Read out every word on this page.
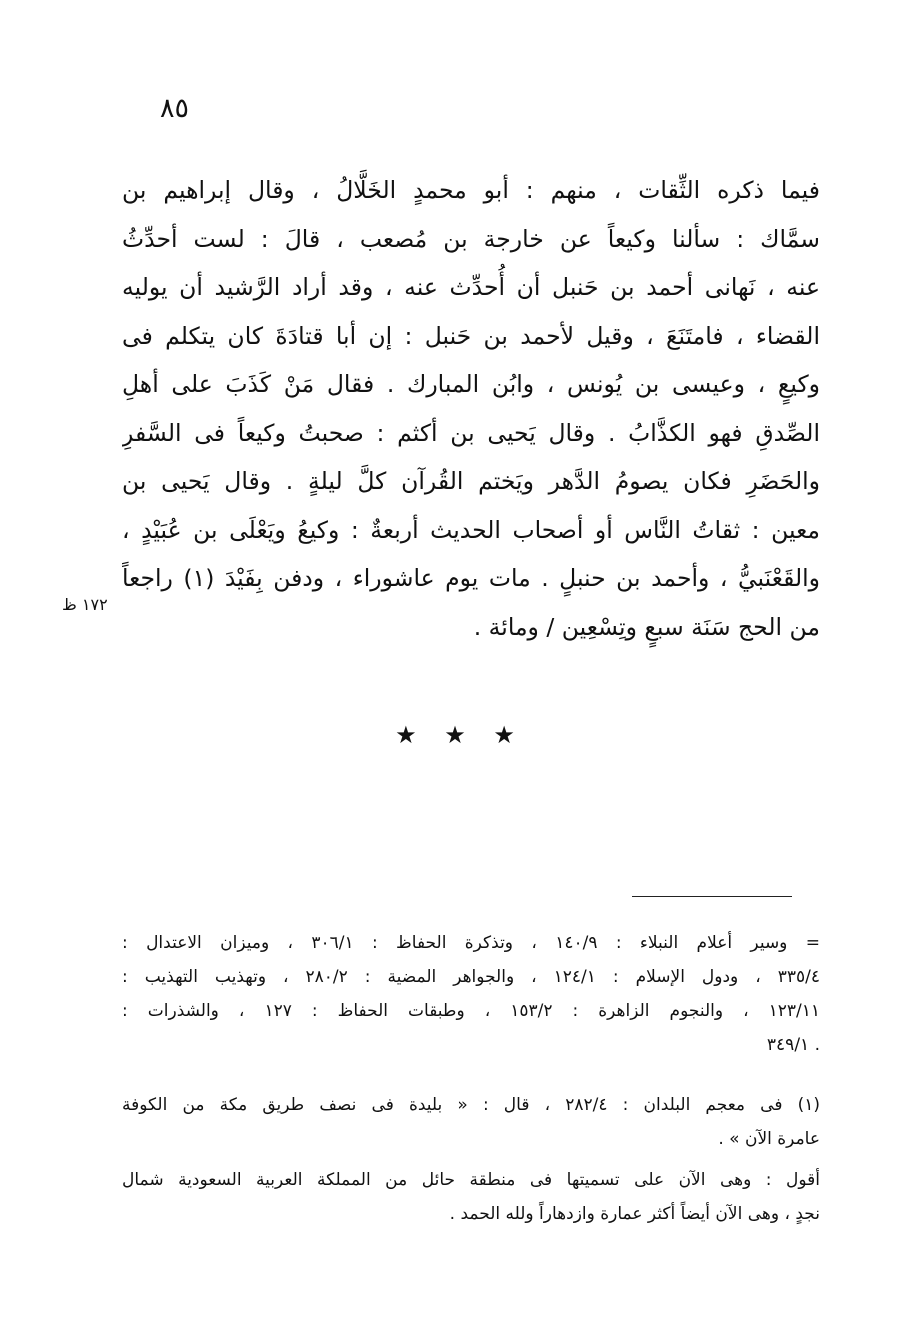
٨٥
فيما ذكره الثِّقات ، منهم : أبو محمدٍ الخَلَّالُ ، وقال إبراهيم بن
سمَّاك : سألنا وكيعاً عن خارجة بن مُصعب ، قالَ : لست أحدِّثُ
عنه ، نَهانى أحمد بن حَنبل أن أُحدِّث عنه ، وقد أراد الرَّشيد أن يوليه
القضاء ، فامتَنَعَ ، وقيل لأحمد بن حَنبل : إن أبا قتادَةَ كان يتكلم فى
وكيعٍ ، وعيسى بن يُونس ، وابُن المبارك . فقال مَنْ كَذَبَ على أهلِ
الصِّدقِ فهو الكذَّابُ . وقال يَحيى بن أكثم : صحبتُ وكيعاً فى السَّفرِ
والحَضَرِ فكان يصومُ الدَّهر ويَختم القُرآن كلَّ ليلةٍ . وقال يَحيى بن
معين : ثقاتُ النَّاس أو أصحاب الحديث أربعةٌ : وكيعُ ويَعْلَى بن عُبَيْدٍ ،
والقَعْنَبيُّ ، وأحمد بن حنبلٍ . مات يوم عاشوراء ، ودفن بِفَيْدَ (١) راجعاً
من الحج سَنَة سبعٍ وتِسْعِين / ومائة .
١٧٢ ظ
★ ★ ★
= وسير أعلام النبلاء : ١٤٠/٩ ، وتذكرة الحفاظ : ٣٠٦/١ ، وميزان الاعتدال :
٣٣٥/٤ ، ودول الإسلام : ١٢٤/١ ، والجواهر المضية : ٢٨٠/٢ ، وتهذيب التهذيب :
١٢٣/١١ ، والنجوم الزاهرة : ١٥٣/٢ ، وطبقات الحفاظ : ١٢٧ ، والشذرات :
. ٣٤٩/١
(١) فى معجم البلدان : ٢٨٢/٤ ، قال : « بليدة فى نصف طريق مكة من الكوفة
عامرة الآن » .
أقول : وهى الآن على تسميتها فى منطقة حائل من المملكة العربية السعودية شمال
نجدٍ ، وهى الآن أيضاً أكثر عمارة وازدهاراً ولله الحمد .
